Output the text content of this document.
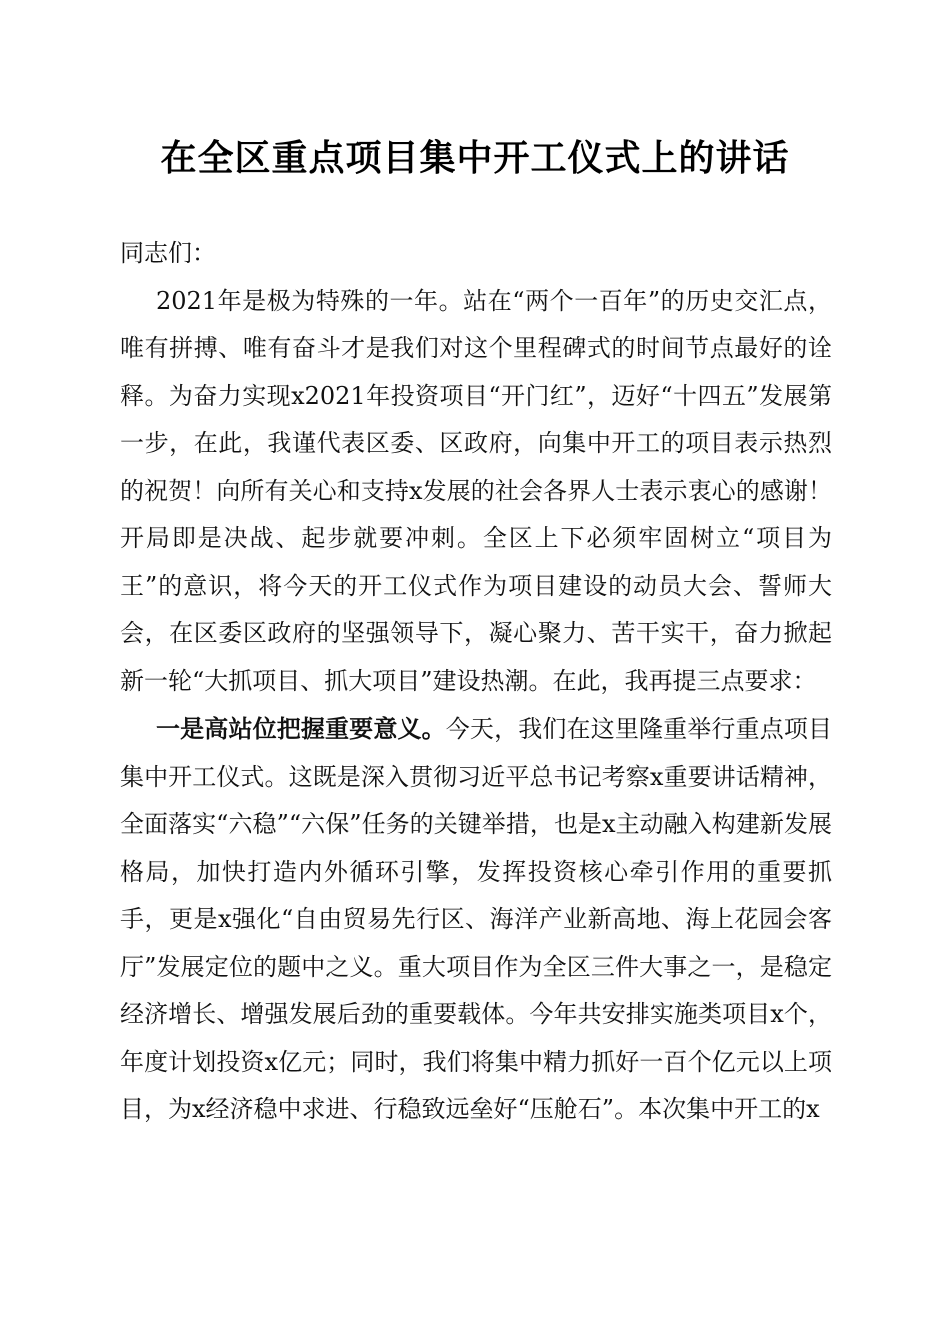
在全区重点项目集中开工仪式上的讲话

同志们：

2021年是极为特殊的一年。站在“两个一百年”的历史交汇点，唯有拼搏、唯有奋斗才是我们对这个里程碑式的时间节点最好的诠释。为奋力实现x2021年投资项目“开门红”，迈好“十四五”发展第一步，在此，我谨代表区委、区政府，向集中开工的项目表示热烈的祝贺！向所有关心和支持x发展的社会各界人士表示衷心的感谢！开局即是决战、起步就要冲刺。全区上下必须牢固树立“项目为王”的意识，将今天的开工仪式作为项目建设的动员大会、誓师大会，在区委区政府的坚强领导下，凝心聚力、苦干实干，奋力掀起新一轮“大抓项目、抓大项目”建设热潮。在此，我再提三点要求：

一是高站位把握重要意义。今天，我们在这里隆重举行重点项目集中开工仪式。这既是深入贯彻习近平总书记考察x重要讲话精神，全面落实“六稳”“六保”任务的关键举措，也是x主动融入构建新发展格局，加快打造内外循环引擎，发挥投资核心牵引作用的重要抓手，更是x强化“自由贸易先行区、海洋产业新高地、海上花园会客厅”发展定位的题中之义。重大项目作为全区三件大事之一，是稳定经济增长、增强发展后劲的重要载体。今年共安排实施类项目x个，年度计划投资x亿元；同时，我们将集中精力抓好一百个亿元以上项目，为x经济稳中求进、行稳致远垒好“压舱石”。本次集中开工的x
